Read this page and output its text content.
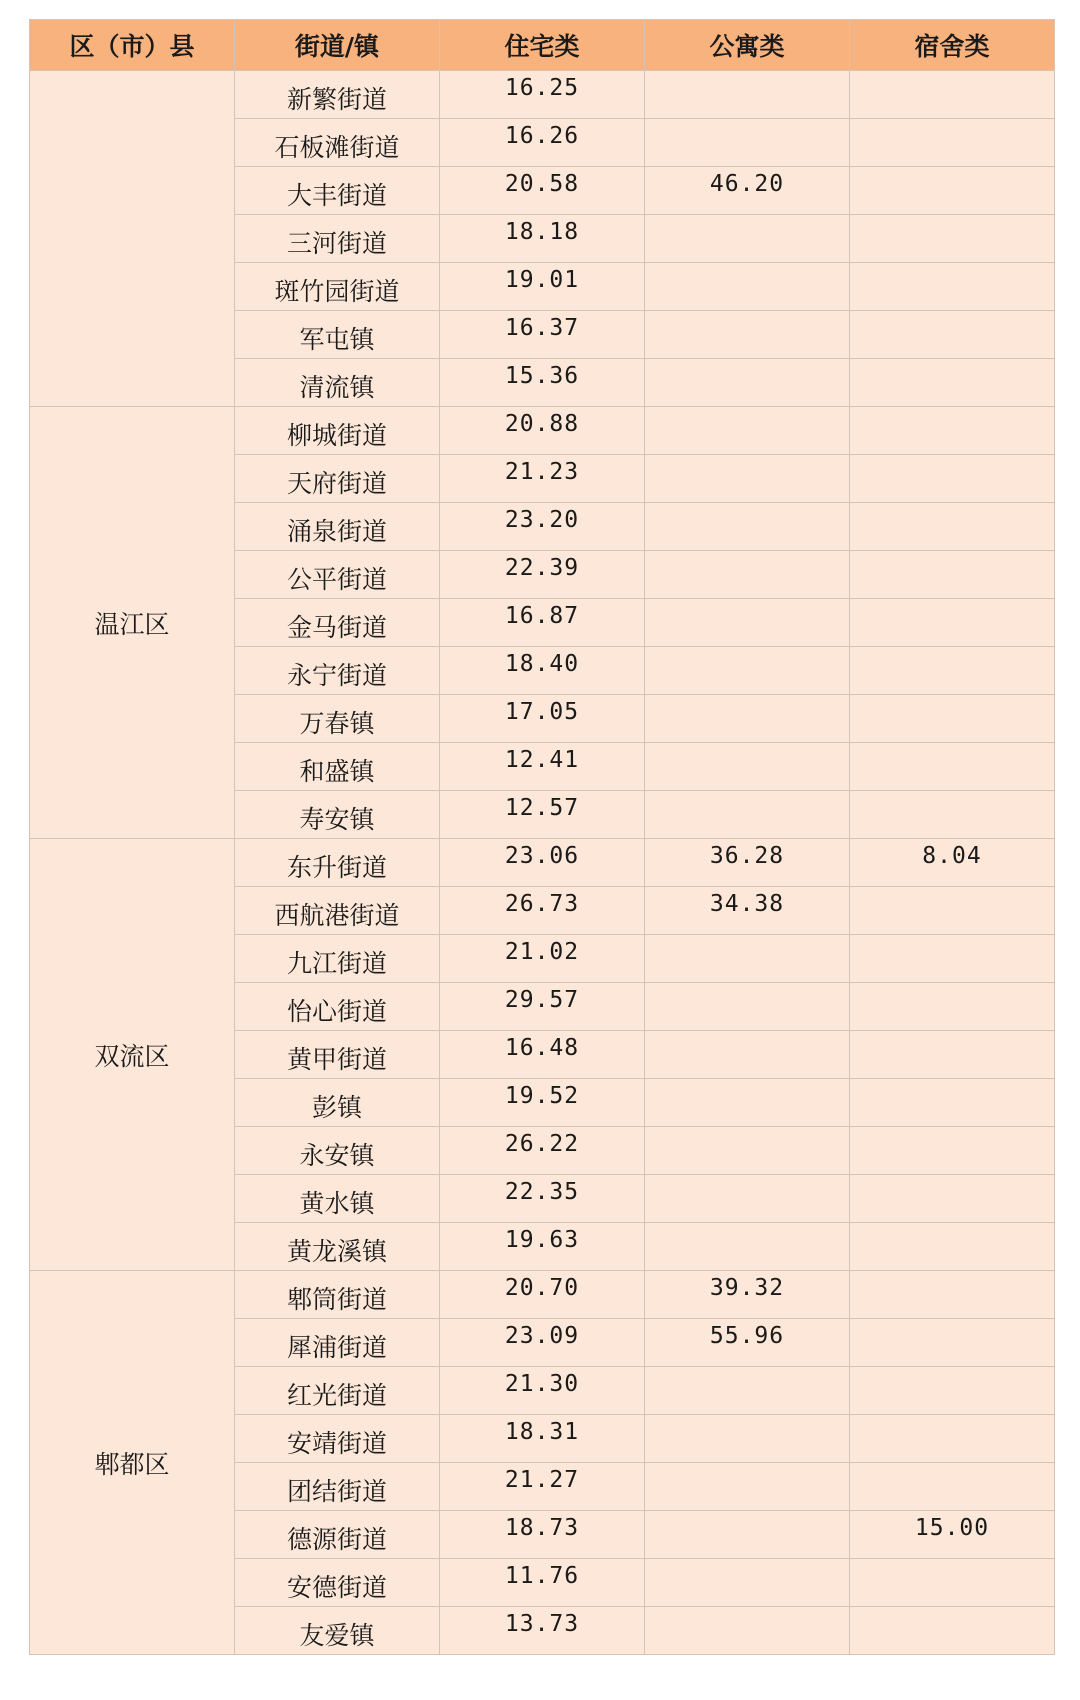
区（市）县	街道/镇	住宅类	公寓类	宿舍类
	新繁街道	16.25		
	石板滩街道	16.26		
	大丰街道	20.58	46.20	
	三河街道	18.18		
	斑竹园街道	19.01		
	军屯镇	16.37		
	清流镇	15.36		
温江区	柳城街道	20.88		
	天府街道	21.23		
	涌泉街道	23.20		
	公平街道	22.39		
	金马街道	16.87		
	永宁街道	18.40		
	万春镇	17.05		
	和盛镇	12.41		
	寿安镇	12.57		
双流区	东升街道	23.06	36.28	8.04
	西航港街道	26.73	34.38	
	九江街道	21.02		
	怡心街道	29.57		
	黄甲街道	16.48		
	彭镇	19.52		
	永安镇	26.22		
	黄水镇	22.35		
	黄龙溪镇	19.63		
郫都区	郫筒街道	20.70	39.32	
	犀浦街道	23.09	55.96	
	红光街道	21.30		
	安靖街道	18.31		
	团结街道	21.27		
	德源街道	18.73		15.00
	安德街道	11.76		
	友爱镇	13.73		
